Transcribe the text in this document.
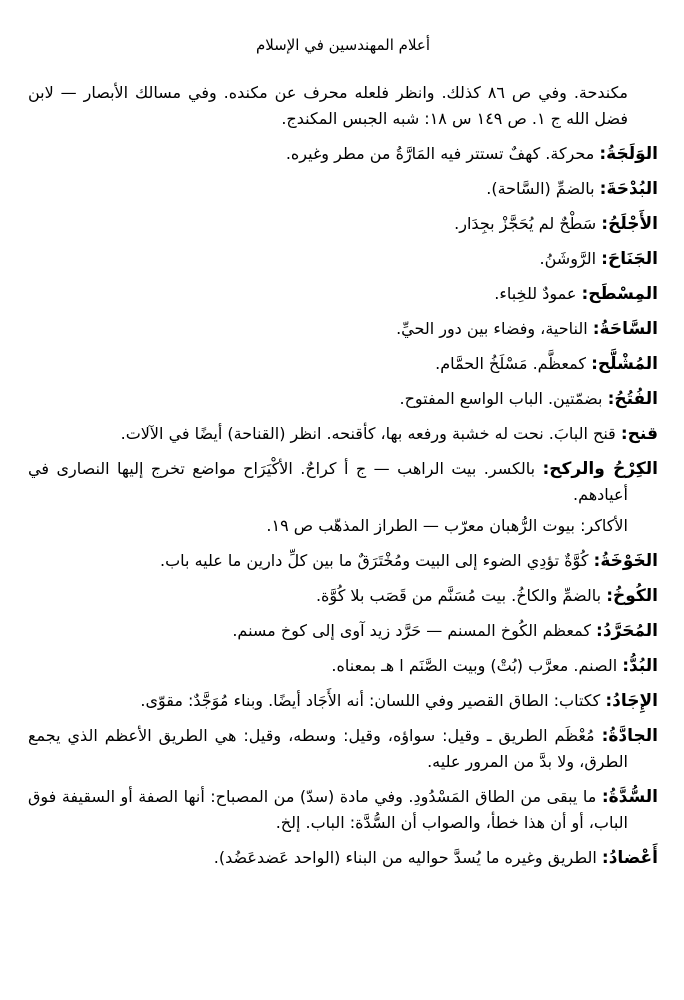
أعلام المهندسين في الإسلام

مكندحة. وفي ص ٨٦ كذلك. وانظر فلعله محرف عن مكنده. وفي مسالك الأبصار — لابن فضل الله ج ١. ص ١٤٩ س ١٨: شبه الجبس المكندج.

الوَلَجَةُ: محركة. كهفٌ تستتر فيه المَارَّةُ من مطر وغيره.

البُدْحَةَ: بالضمِّ (السَّاحة).

الأَجْلَحُ: سَطْحٌ لم يُحَجَّزْ بجِدَار.

الجَنَاحَ: الرَّوشَنُ.

المِسْطَح: عمودٌ للخِباء.

السَّاحَةُ: الناحية، وفضاء بين دور الحيِّ.

المُشْلَّح: كمعظَّم. مَسْلَخُ الحمَّام.

الفُتُحُ: بضمّتين. الباب الواسع المفتوح.

قنح: قنح البابَ. نحت له خشبة ورفعه بها، كأقنحه. انظر (القناحة) أيضًا في الآلات.

الكِرْحُ والركح: بالكسر. بيت الراهب — ج أ كراحٌ. الأكْيَرَاح مواضع تخرج إليها النصارى في أعيادهم.

الأكاكر: بيوت الرُّهبان معرّب — الطراز المذهّب ص ١٩.

الخَوْخَةُ: كُوَّةٌ تؤدِي الضوء إلى البيت ومُخْتَرَقٌ ما بين كلِّ دارين ما عليه باب.

الكُوخُ: بالضمِّ والكاخُ. بيت مُسَنَّم من قَصَب بلا كُوَّة.

المُحَرَّدُ: كمعظم الكُوخ المسنم — حَرَّد زيد آوى إلى كوخ مسنم.

البُدُّ: الصنم. معرَّب (بُتْ) وبيت الصَّنَم ا هـ بمعناه.

الإِجَادُ: ككتاب: الطاق القصير وفي اللسان: أنه الأَجَاد أيضًا. وبناء مُوَجَّدٌ: مقوّى.

الجادَّةُ: مُعْظَم الطريق ـ وقيل: سواؤه، وقيل: وسطه، وقيل: هي الطريق الأعظم الذي يجمع الطرق، ولا بدَّ من المرور عليه.

السُّدَّةُ: ما يبقى من الطاق المَسْدُودِ. وفي مادة (سدّ) من المصباح: أنها الصفة أو السقيفة فوق الباب، أو أن هذا خطأ، والصواب أن السُّدَّة: الباب. إلخ.

أَعْضادُ: الطريق وغيره ما يُسدَّ حواليه من البناء (الواحد عَضدعَضُد).
